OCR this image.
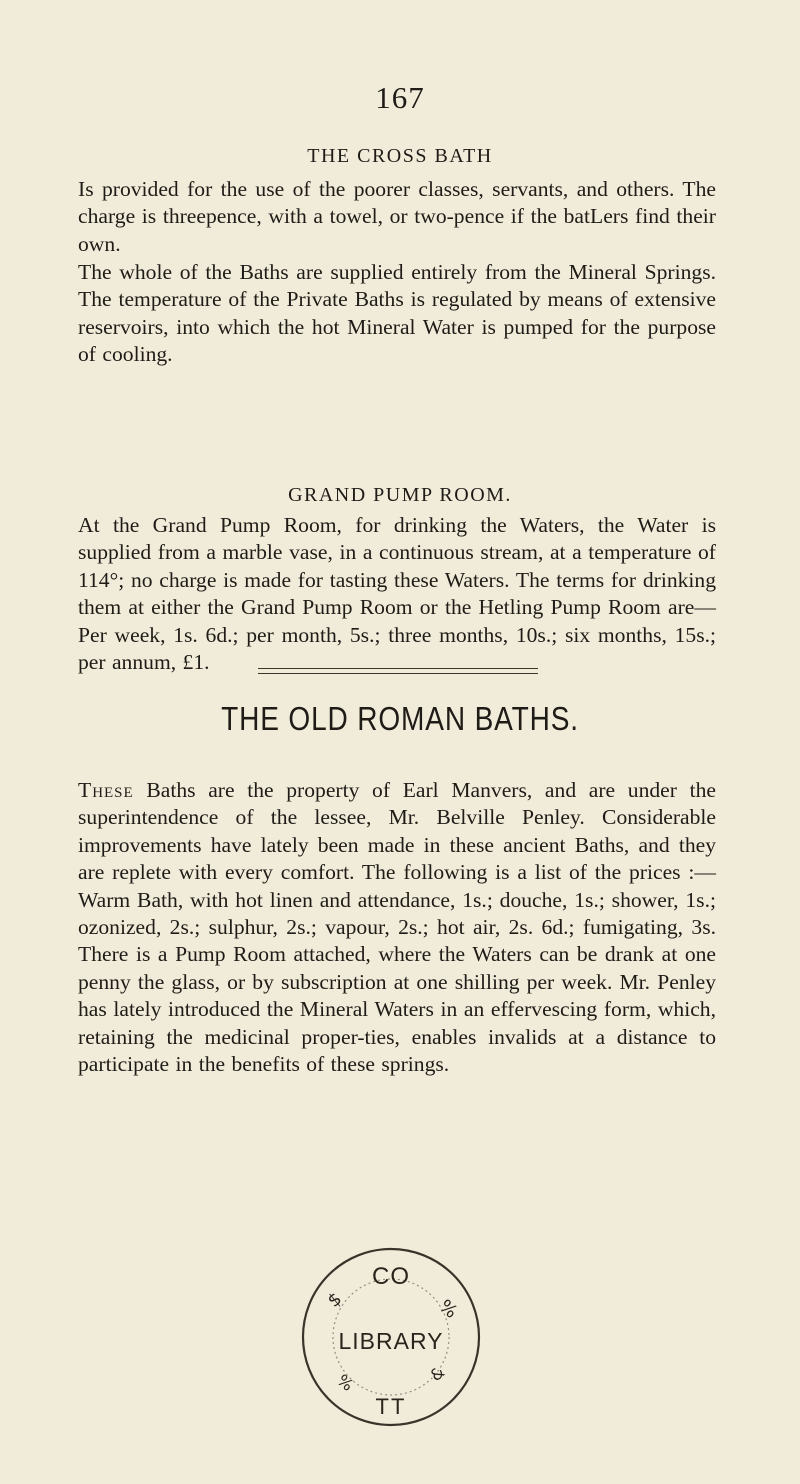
167
THE CROSS BATH

Is provided for the use of the poorer classes, servants, and others. The charge is threepence, with a towel, or two-pence if the batLers find their own.

The whole of the Baths are supplied entirely from the Mineral Springs. The temperature of the Private Baths is regulated by means of extensive reservoirs, into which the hot Mineral Water is pumped for the purpose of cooling.

GRAND PUMP ROOM.

At the Grand Pump Room, for drinking the Waters, the Water is supplied from a marble vase, in a continuous stream, at a temperature of 114°; no charge is made for tasting these Waters. The terms for drinking them at either the Grand Pump Room or the Hetling Pump Room are—Per week, 1s. 6d.; per month, 5s.; three months, 10s.; six months, 15s.; per annum, £1.

THE OLD ROMAN BATHS.

These Baths are the property of Earl Manvers, and are under the superintendence of the lessee, Mr. Belville Penley. Considerable improvements have lately been made in these ancient Baths, and they are replete with every comfort. The following is a list of the prices :— Warm Bath, with hot linen and attendance, 1s.; douche, 1s.; shower, 1s.; ozonized, 2s.; sulphur, 2s.; vapour, 2s.; hot air, 2s. 6d.; fumigating, 3s. There is a Pump Room attached, where the Waters can be drank at one penny the glass, or by subscription at one shilling per week. Mr. Penley has lately introduced the Mineral Waters in an effervescing form, which, retaining the medicinal proper-ties, enables invalids at a distance to participate in the benefits of these springs.

CO
TT
$	%
%	&
LIBRARY
